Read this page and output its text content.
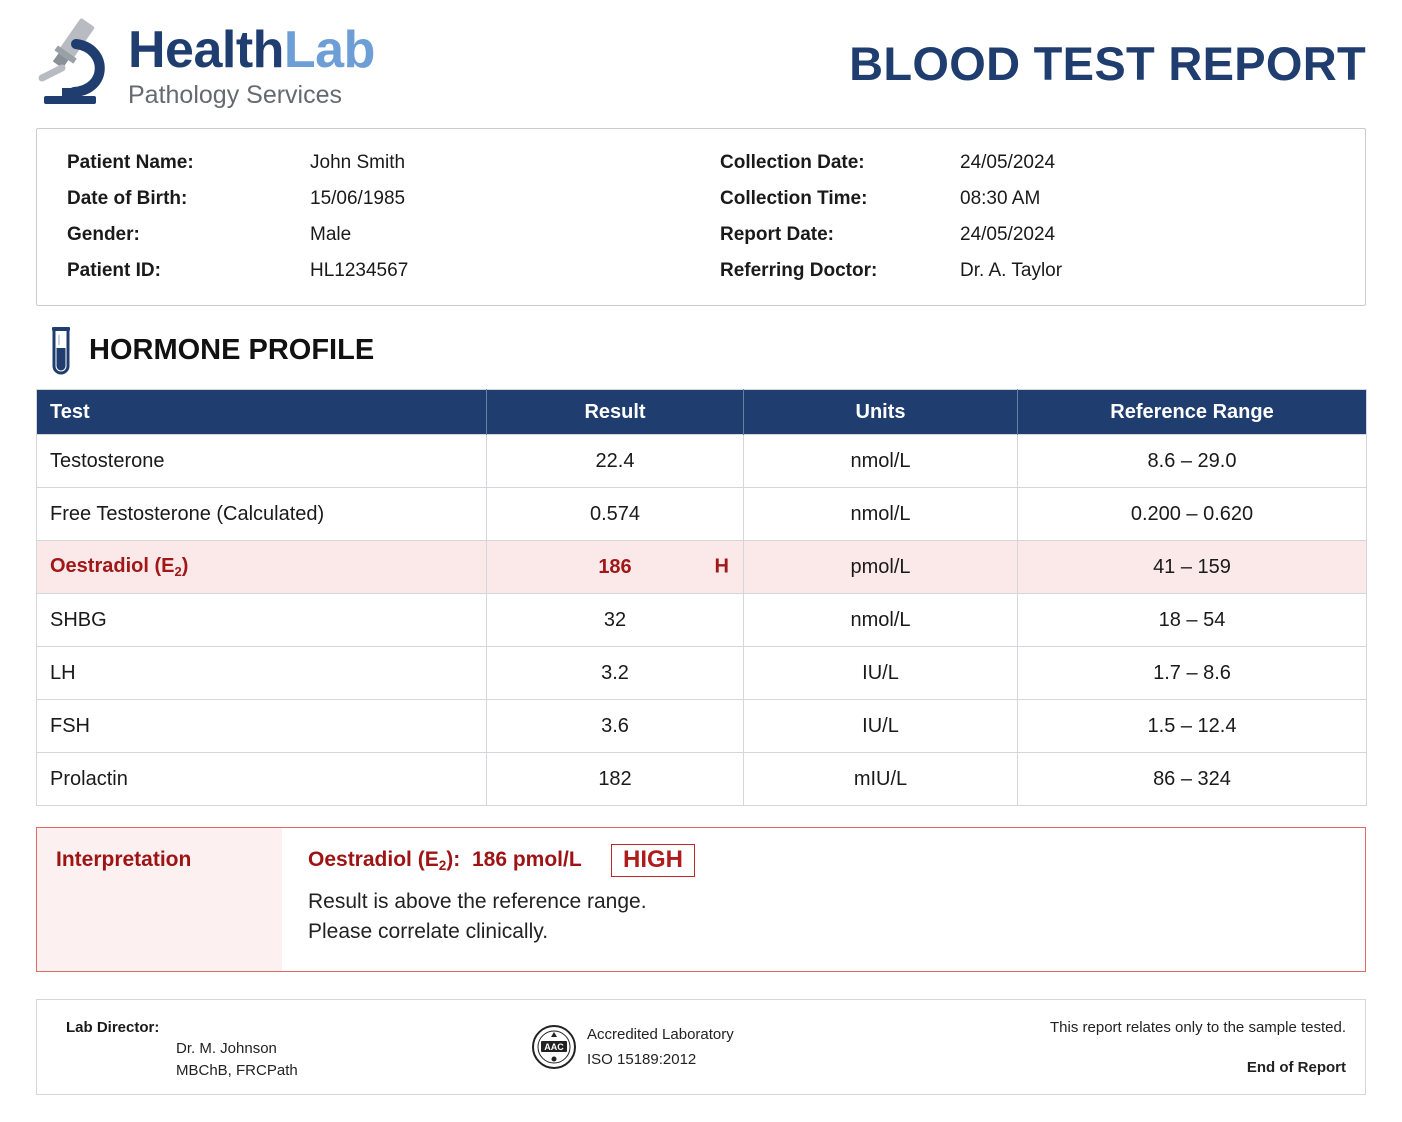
HealthLab
Pathology Services
BLOOD TEST REPORT
Patient Name:	John Smith
Date of Birth:	15/06/1985
Gender:	Male
Patient ID:	HL1234567
Collection Date:	24/05/2024
Collection Time:	08:30 AM
Report Date:	24/05/2024
Referring Doctor:	Dr. A. Taylor
HORMONE PROFILE
Test	Result	Units	Reference Range
Testosterone	22.4	nmol/L	8.6 – 29.0
Free Testosterone (Calculated)	0.574	nmol/L	0.200 – 0.620
Oestradiol $(E_2)$	186 H	pmol/L	41 – 159
SHBG	32	nmol/L	18 – 54
LH	3.2	IU/L	1.7 – 8.6
FSH	3.6	IU/L	1.5 – 12.4
Prolactin	182	mIU/L	86 – 324
Interpretation	Oestradiol $(E_2)$: 186 pmol/L	HIGH
Result is above the reference range.
Please correlate clinically.
Lab Director:
Dr. M. Johnson
MBChB, FRCPath
AAC
Accredited Laboratory
ISO 15189:2012
This report relates only to the sample tested.
End of Report
